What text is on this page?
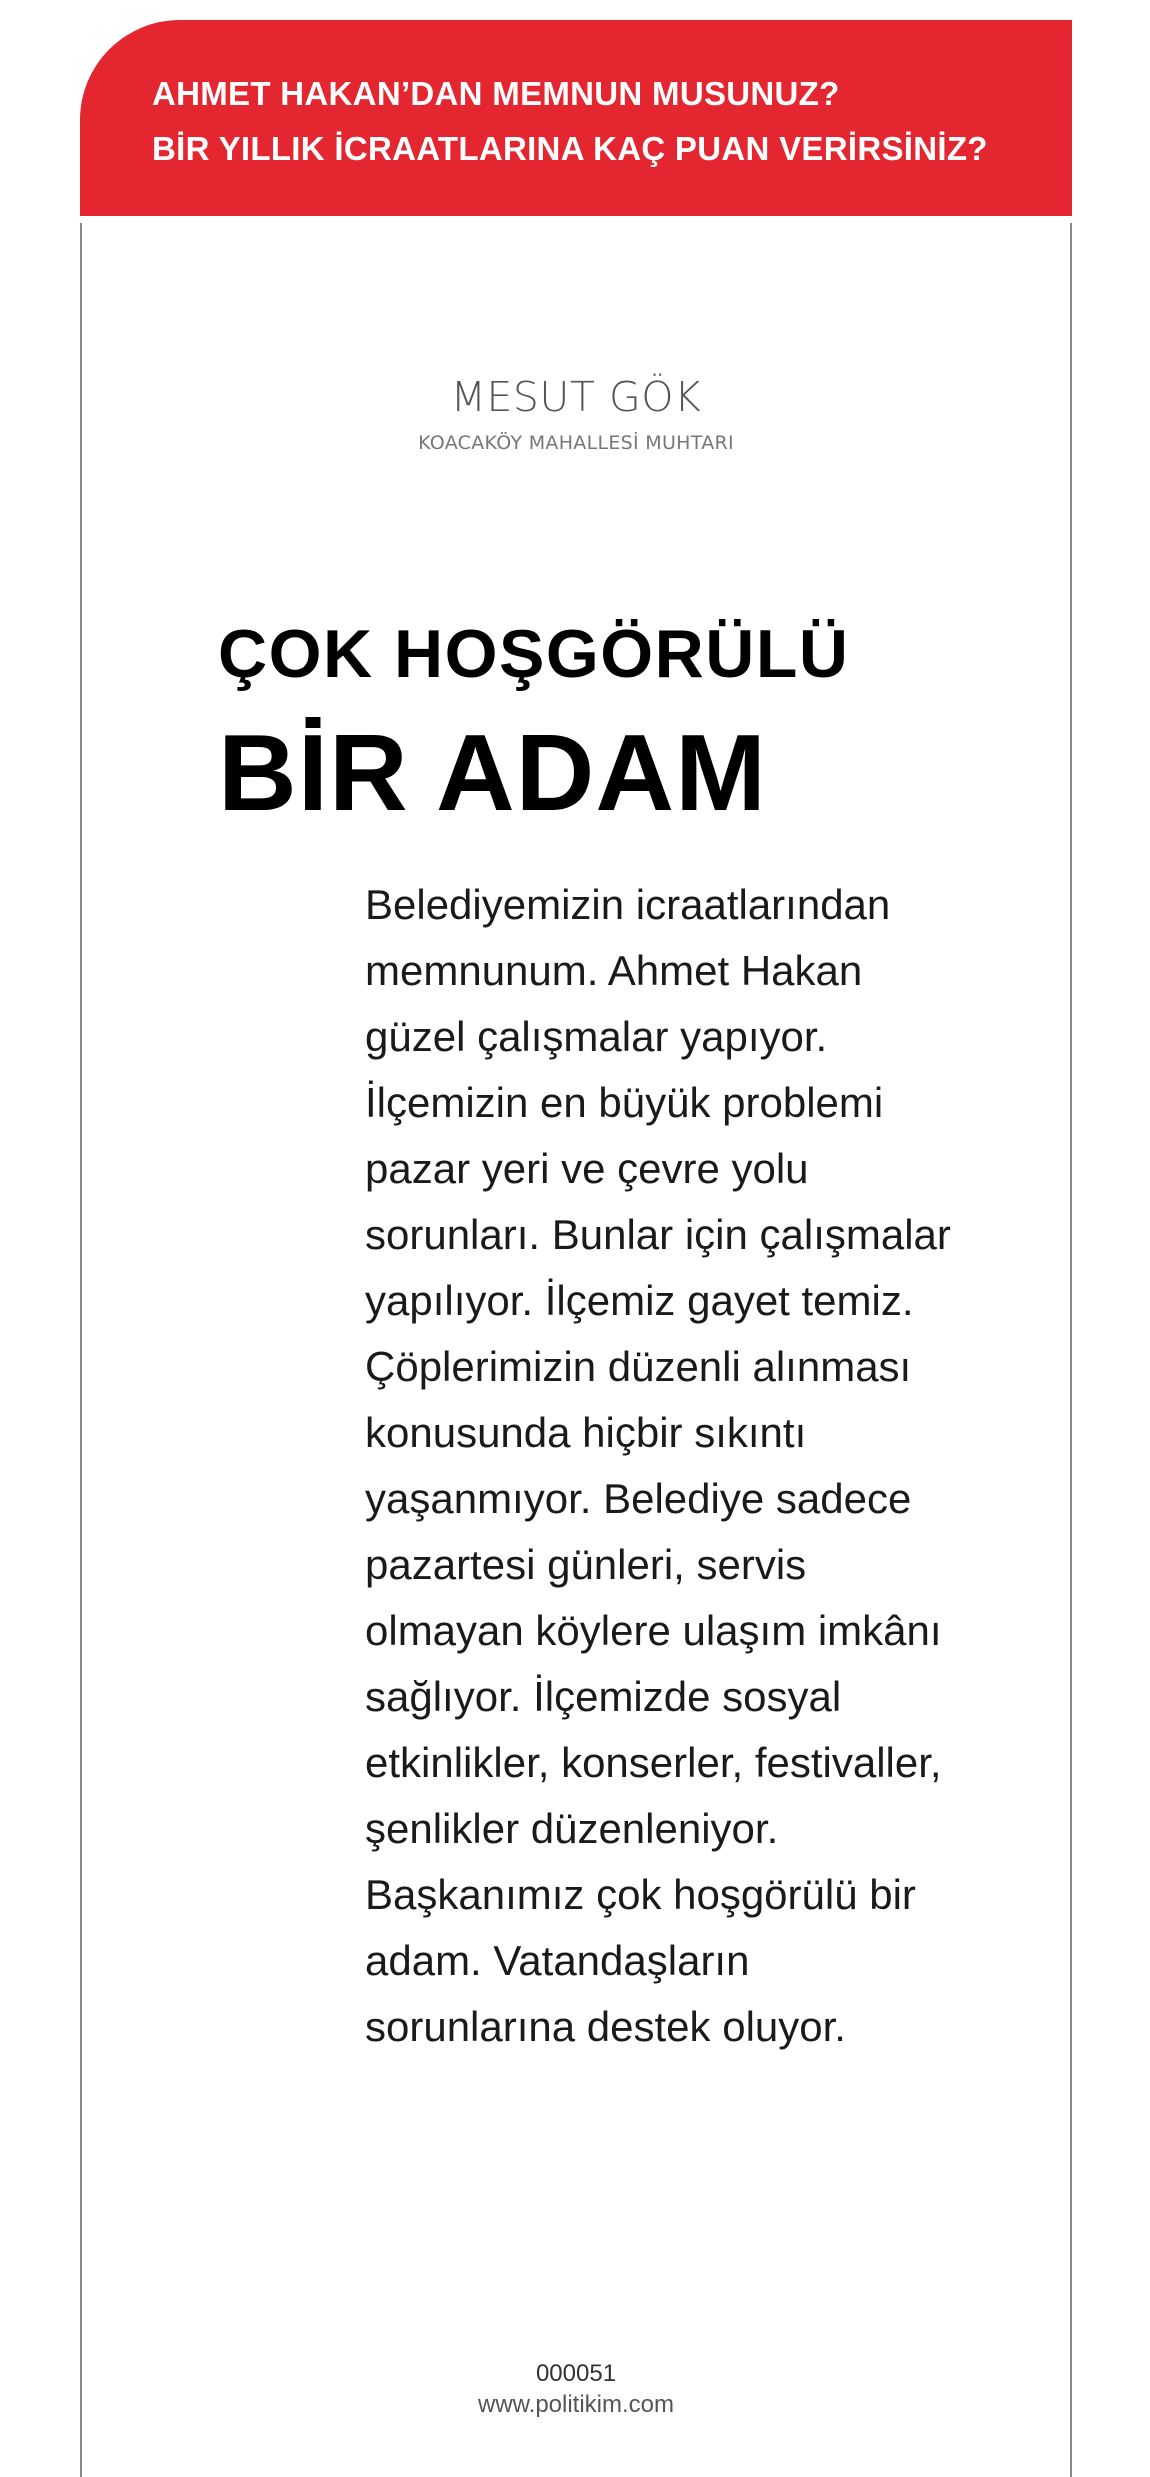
AHMET HAKAN’DAN MEMNUN MUSUNUZ?
BİR YILLIK İCRAATLARINA KAÇ PUAN VERİRSİNİZ?
MESUT GÖK
KOACAKÖY MAHALLESİ MUHTARI
ÇOK HOŞGÖRÜLÜ
BİR ADAM
Belediyemizin icraatlarından
memnunum. Ahmet Hakan
güzel çalışmalar yapıyor.
İlçemizin en büyük problemi
pazar yeri ve çevre yolu
sorunları. Bunlar için çalışmalar
yapılıyor. İlçemiz gayet temiz.
Çöplerimizin düzenli alınması
konusunda hiçbir sıkıntı
yaşanmıyor. Belediye sadece
pazartesi günleri, servis
olmayan köylere ulaşım imkânı
sağlıyor. İlçemizde sosyal
etkinlikler, konserler, festivaller,
şenlikler düzenleniyor.
Başkanımız çok hoşgörülü bir
adam. Vatandaşların
sorunlarına destek oluyor.
000051
www.politikim.com
